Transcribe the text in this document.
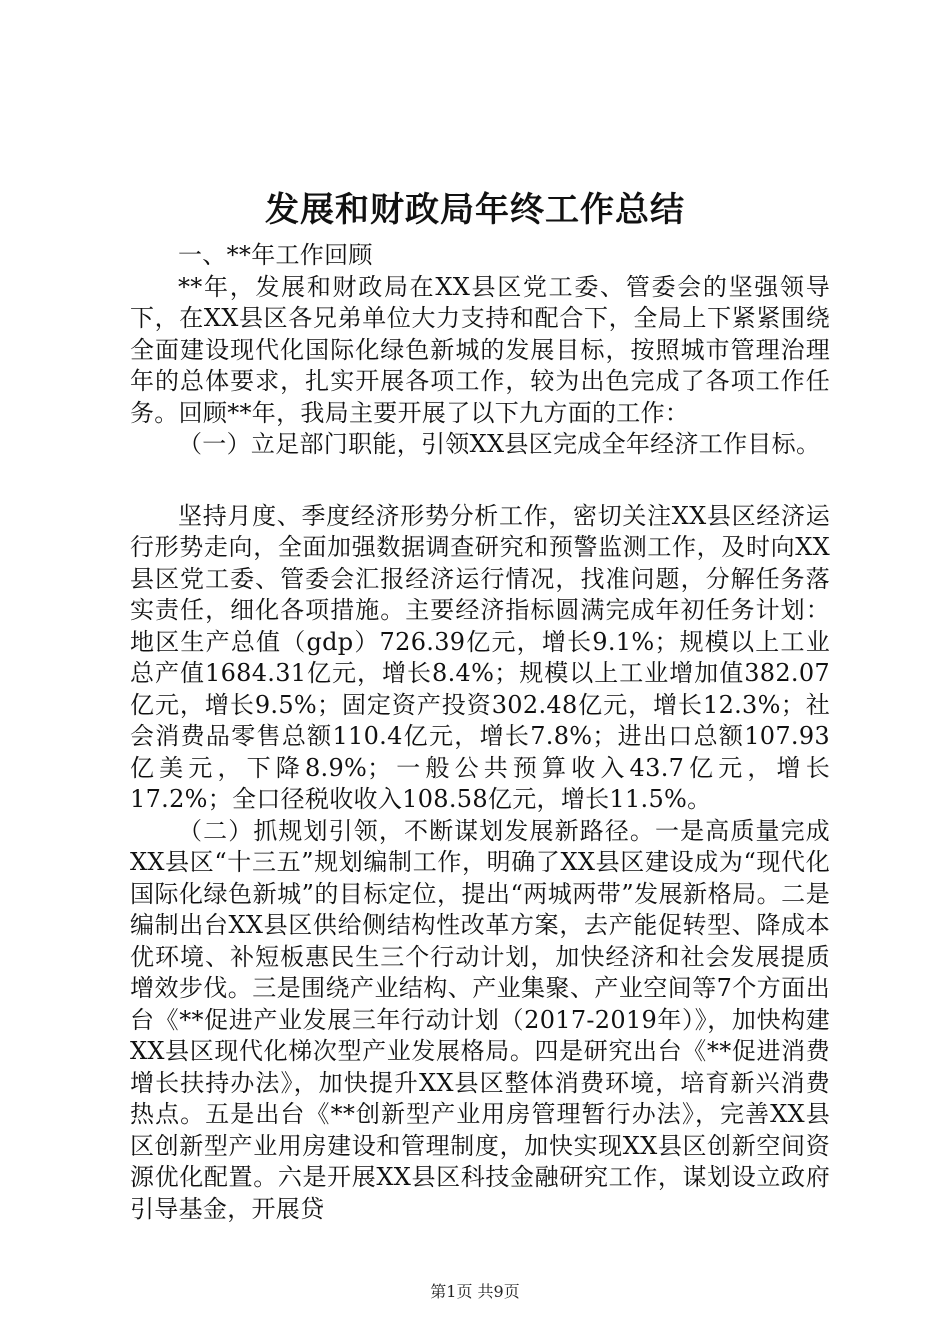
发展和财政局年终工作总结

一、**年工作回顾

**年，发展和财政局在XX县区党工委、管委会的坚强领导下，在XX县区各兄弟单位大力支持和配合下，全局上下紧紧围绕全面建设现代化国际化绿色新城的发展目标，按照城市管理治理年的总体要求，扎实开展各项工作，较为出色完成了各项工作任务。回顾**年，我局主要开展了以下九方面的工作：

（一）立足部门职能，引领XX县区完成全年经济工作目标。

坚持月度、季度经济形势分析工作，密切关注XX县区经济运行形势走向，全面加强数据调查研究和预警监测工作，及时向XX县区党工委、管委会汇报经济运行情况，找准问题，分解任务落实责任，细化各项措施。主要经济指标圆满完成年初任务计划：地区生产总值（gdp）726.39亿元，增长9.1%；规模以上工业总产值1684.31亿元，增长8.4%；规模以上工业增加值382.07亿元，增长9.5%；固定资产投资302.48亿元，增长12.3%；社会消费品零售总额110.4亿元，增长7.8%；进出口总额107.93亿美元，下降8.9%；一般公共预算收入43.7亿元，增长17.2%；全口径税收收入108.58亿元，增长11.5%。

（二）抓规划引领，不断谋划发展新路径。一是高质量完成XX县区“十三五”规划编制工作，明确了XX县区建设成为“现代化国际化绿色新城”的目标定位，提出“两城两带”发展新格局。二是编制出台XX县区供给侧结构性改革方案，去产能促转型、降成本优环境、补短板惠民生三个行动计划，加快经济和社会发展提质增效步伐。三是围绕产业结构、产业集聚、产业空间等7个方面出台《**促进产业发展三年行动计划（2017-2019年）》，加快构建XX县区现代化梯次型产业发展格局。四是研究出台《**促进消费增长扶持办法》，加快提升XX县区整体消费环境，培育新兴消费热点。五是出台《**创新型产业用房管理暂行办法》，完善XX县区创新型产业用房建设和管理制度，加快实现XX县区创新空间资源优化配置。六是开展XX县区科技金融研究工作，谋划设立政府引导基金，开展贷

第1页 共9页
